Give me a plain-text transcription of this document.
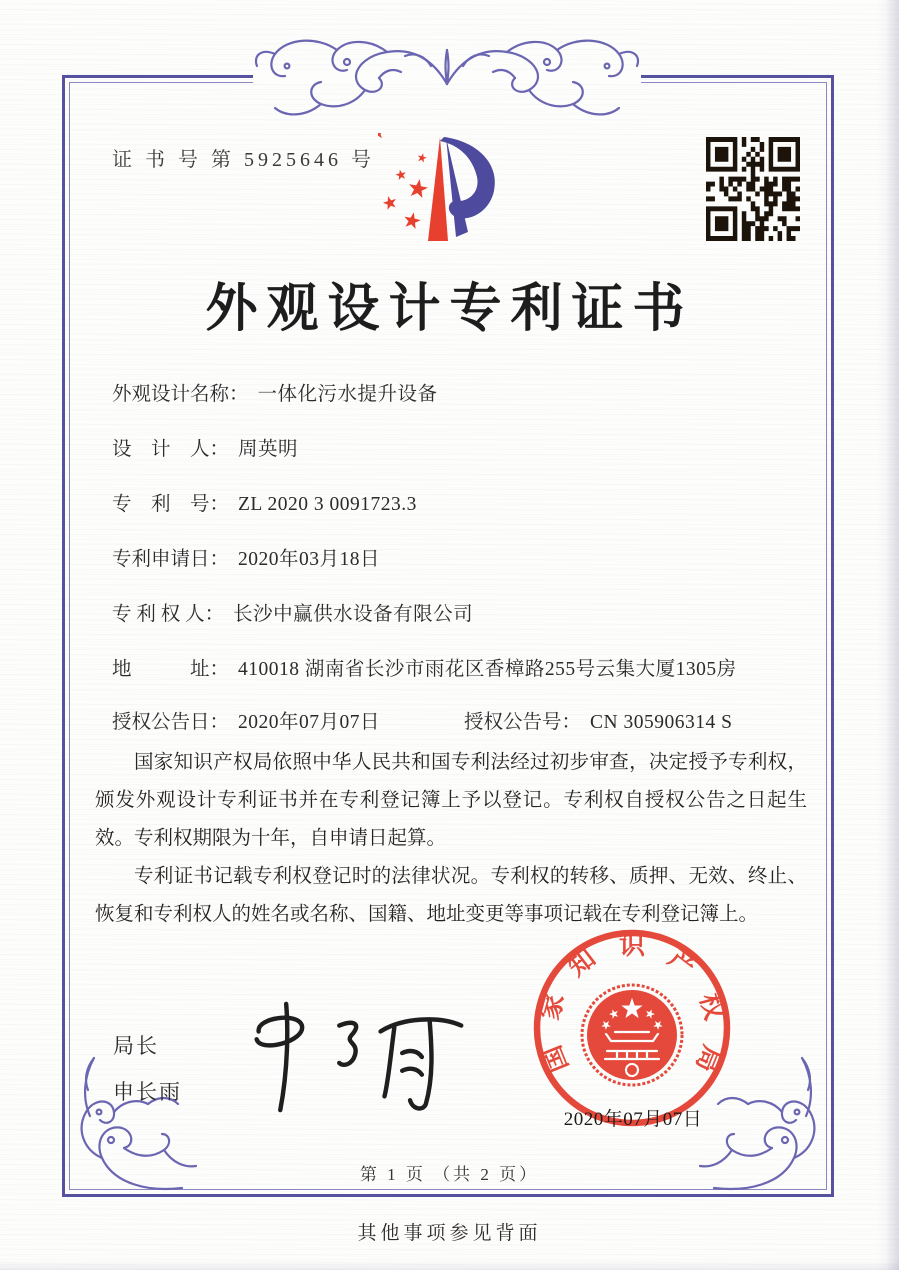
证 书 号 第 5925646 号
外观设计专利证书
外观设计名称： 一体化污水提升设备
设　计　人： 周英明
专　利　号： ZL 2020 3 0091723.3
专利申请日： 2020年03月18日
专 利 权 人： 长沙中赢供水设备有限公司
地　　　址： 410018 湖南省长沙市雨花区香樟路255号云集大厦1305房
授权公告日： 2020年07月07日	授权公告号： CN 305906314 S

国家知识产权局依照中华人民共和国专利法经过初步审查，决定授予专利权，颁发外观设计专利证书并在专利登记簿上予以登记。专利权自授权公告之日起生效。专利权期限为十年，自申请日起算。

专利证书记载专利权登记时的法律状况。专利权的转移、质押、无效、终止、恢复和专利权人的姓名或名称、国籍、地址变更等事项记载在专利登记簿上。

局长
申长雨
国
家
知 识 产
权
局
2020年07月07日
第 1 页 （共 2 页）
其他事项参见背面
